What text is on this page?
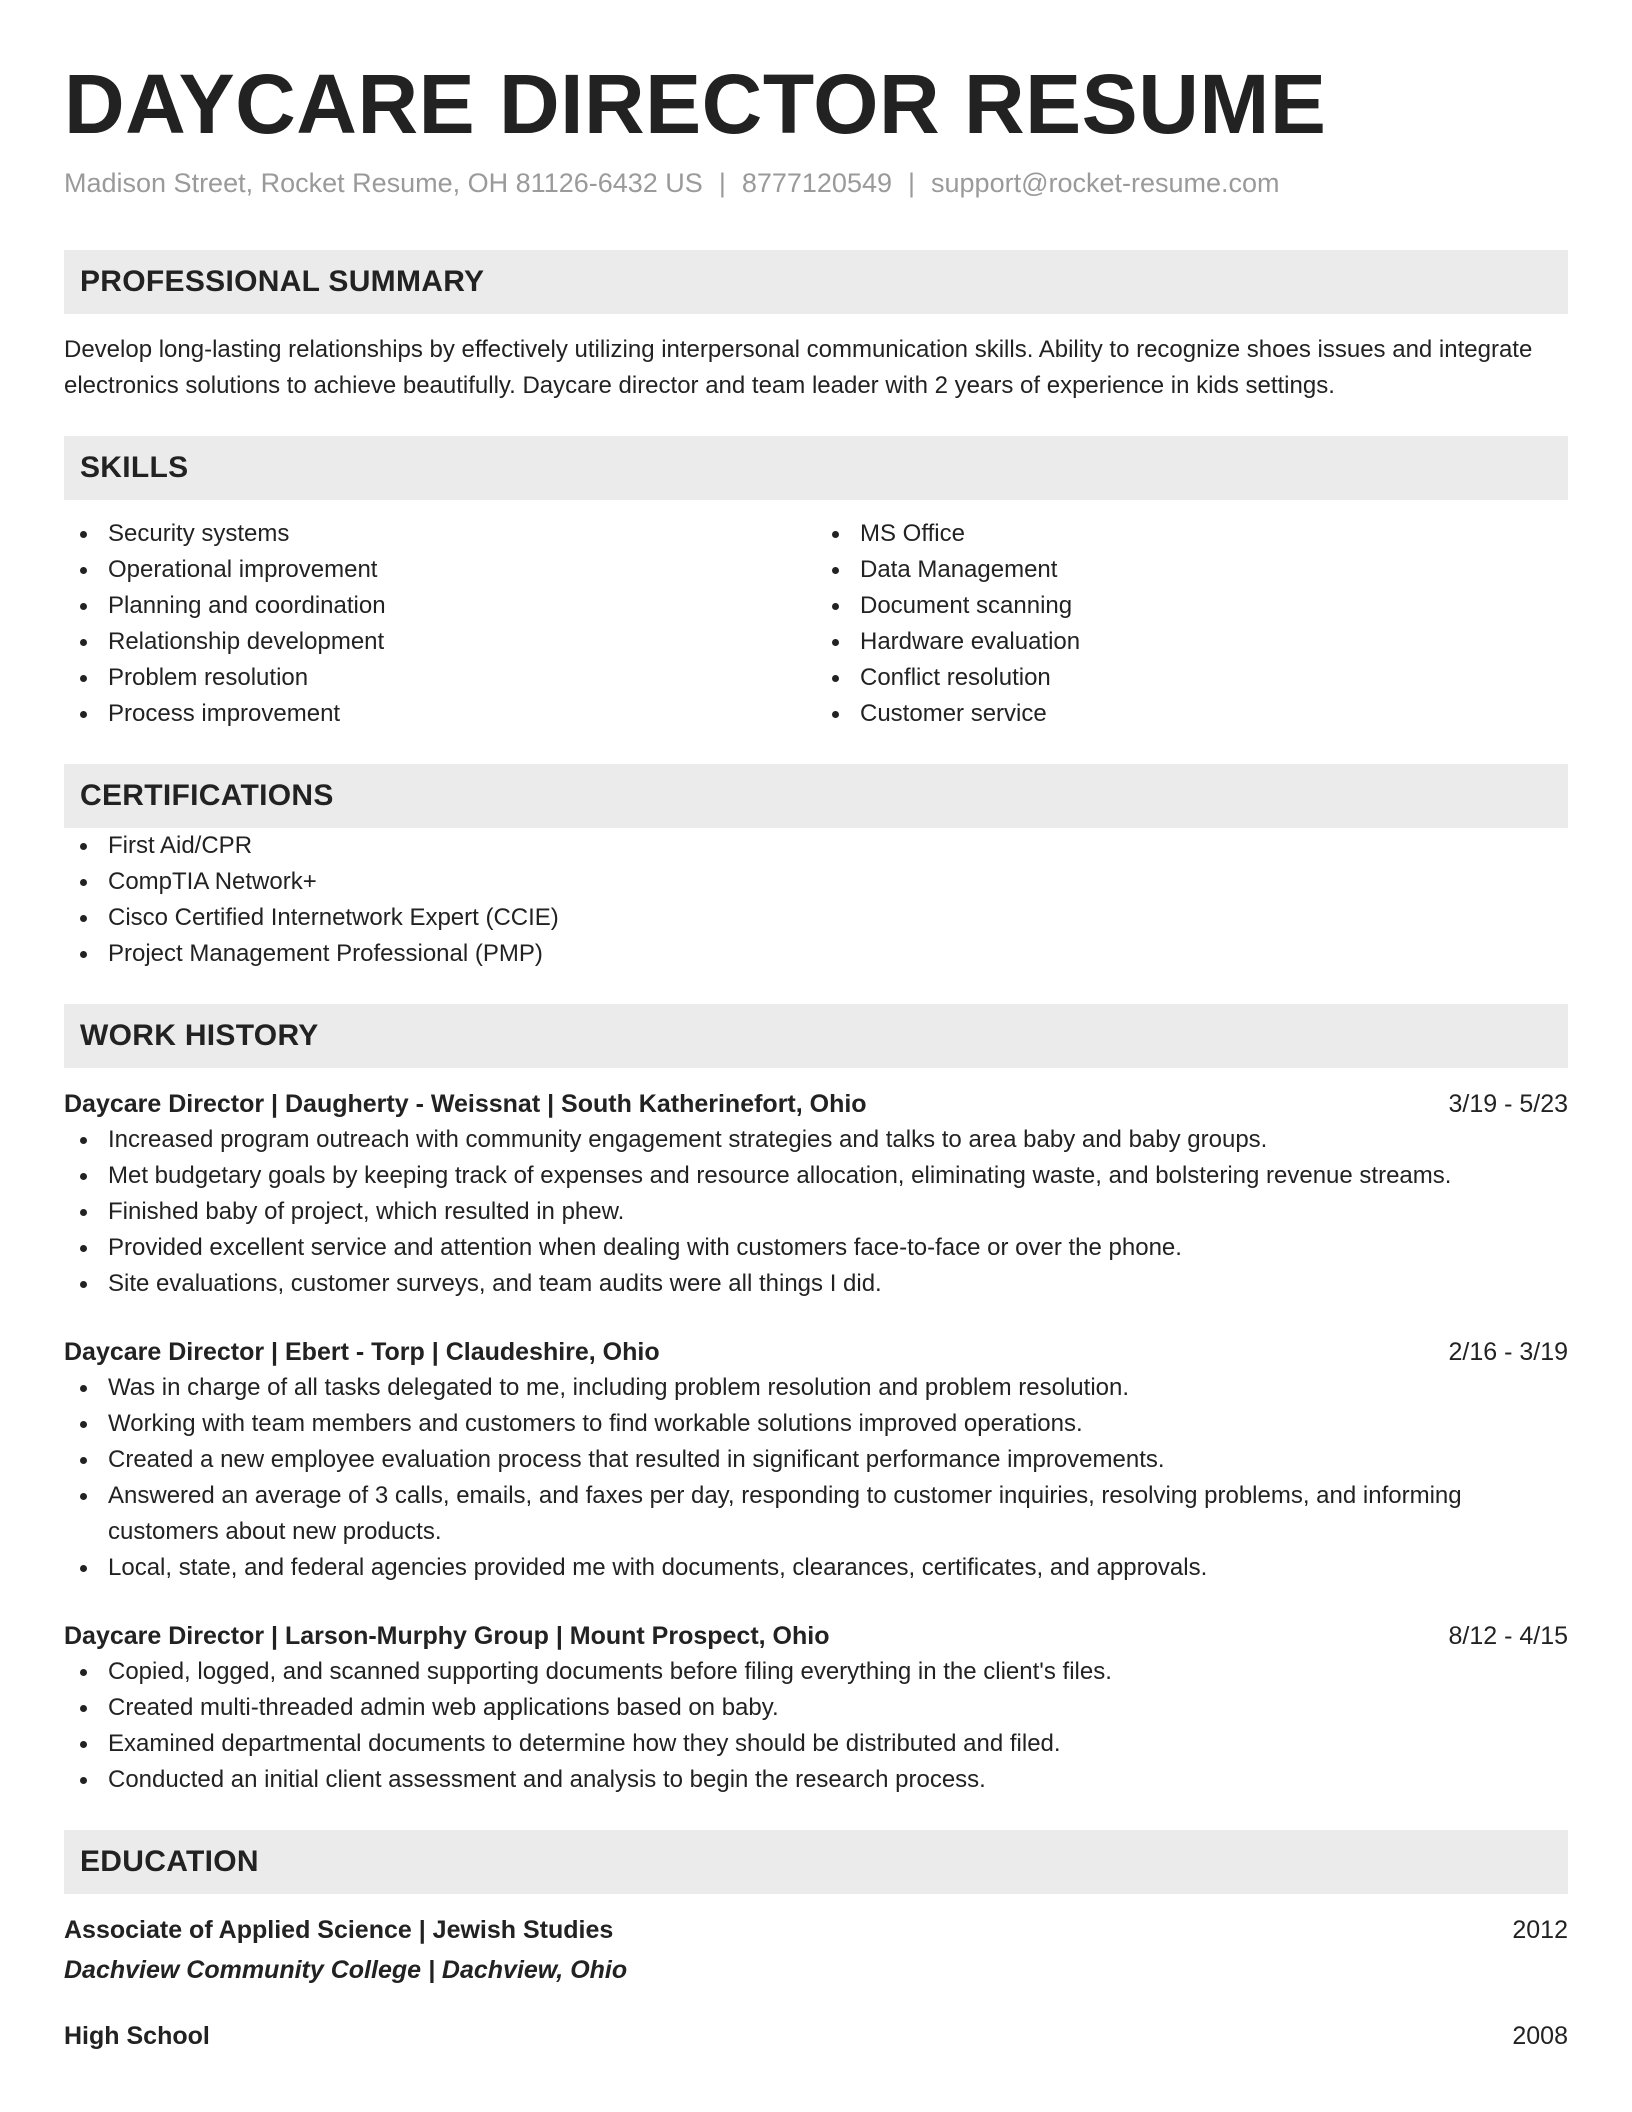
DAYCARE DIRECTOR RESUME
Madison Street, Rocket Resume, OH 81126-6432 US | 8777120549 | support@rocket-resume.com
PROFESSIONAL SUMMARY

Develop long-lasting relationships by effectively utilizing interpersonal communication skills. Ability to recognize shoes issues and integrate electronics solutions to achieve beautifully. Daycare director and team leader with 2 years of experience in kids settings.

SKILLS
Security systems
Operational improvement
Planning and coordination
Relationship development
Problem resolution
Process improvement
MS Office
Data Management
Document scanning
Hardware evaluation
Conflict resolution
Customer service
CERTIFICATIONS
First Aid/CPR
CompTIA Network+
Cisco Certified Internetwork Expert (CCIE)
Project Management Professional (PMP)
WORK HISTORY
Daycare Director | Daugherty - Weissnat | South Katherinefort, Ohio	3/19 - 5/23
Increased program outreach with community engagement strategies and talks to area baby and baby groups.
Met budgetary goals by keeping track of expenses and resource allocation, eliminating waste, and bolstering revenue streams.
Finished baby of project, which resulted in phew.
Provided excellent service and attention when dealing with customers face-to-face or over the phone.
Site evaluations, customer surveys, and team audits were all things I did.
Daycare Director | Ebert - Torp | Claudeshire, Ohio	2/16 - 3/19
Was in charge of all tasks delegated to me, including problem resolution and problem resolution.
Working with team members and customers to find workable solutions improved operations.
Created a new employee evaluation process that resulted in significant performance improvements.
Answered an average of 3 calls, emails, and faxes per day, responding to customer inquiries, resolving problems, and informing customers about new products.
Local, state, and federal agencies provided me with documents, clearances, certificates, and approvals.
Daycare Director | Larson-Murphy Group | Mount Prospect, Ohio	8/12 - 4/15
Copied, logged, and scanned supporting documents before filing everything in the client's files.
Created multi-threaded admin web applications based on baby.
Examined departmental documents to determine how they should be distributed and filed.
Conducted an initial client assessment and analysis to begin the research process.
EDUCATION
Associate of Applied Science | Jewish Studies	2012
Dachview Community College | Dachview, Ohio
High School	2008
